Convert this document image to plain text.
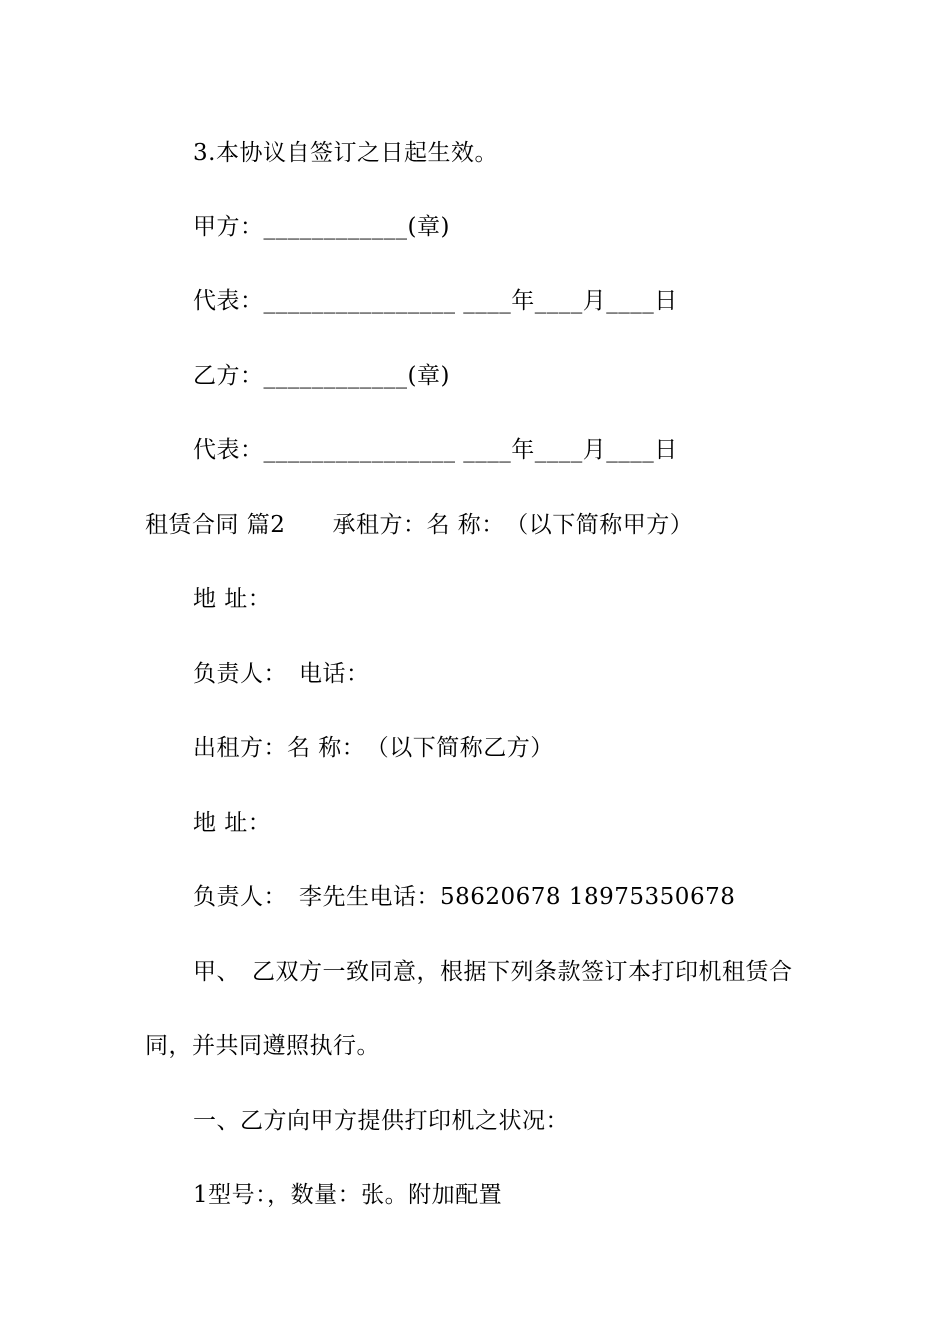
3.本协议自签订之日起生效。
甲方：____________(章)
代表：________________ ____年____月____日
乙方：____________(章)
代表：________________ ____年____月____日
租赁合同 篇2　　承租方：名 称：　（以下简称甲方）
地 址：
负责人：　电话：
出租方：名 称：　（以下简称乙方）
地 址：
负责人：　李先生电话：58620678 18975350678
甲、　乙双方一致同意，根据下列条款签订本打印机租赁合
同，并共同遵照执行。
一、乙方向甲方提供打印机之状况：
1型号：，数量：张。附加配置
